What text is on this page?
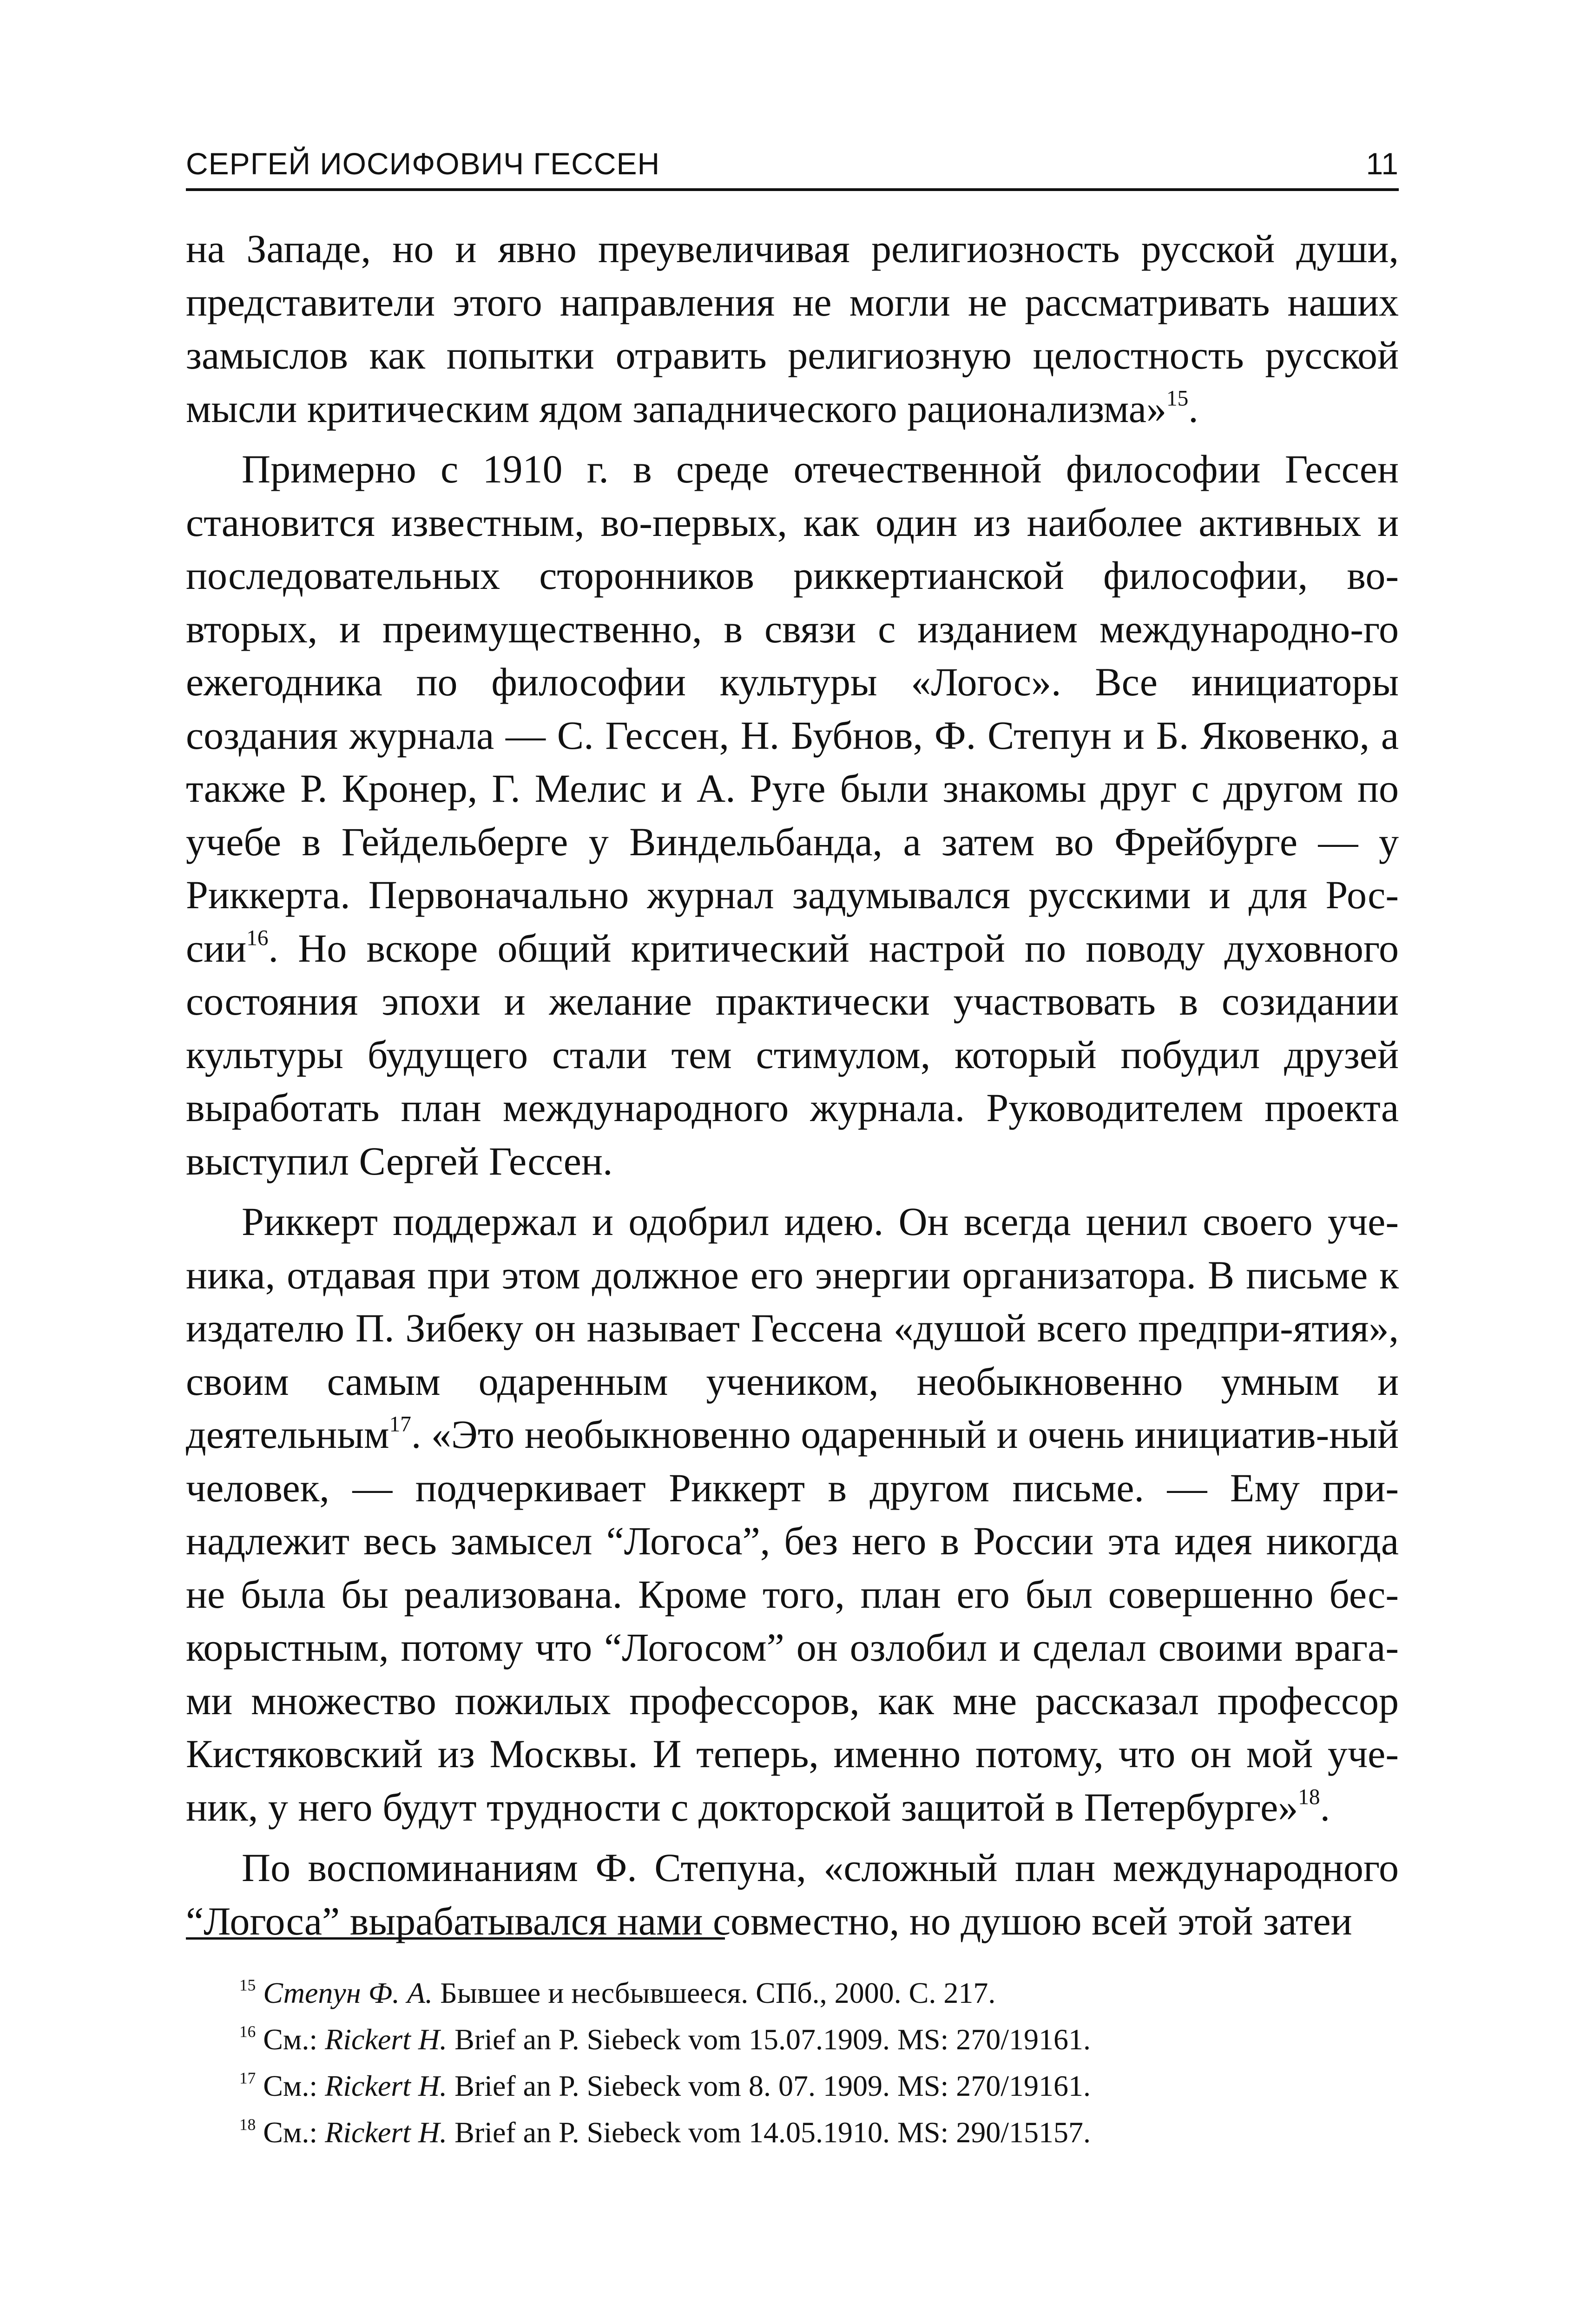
СЕРГЕЙ ИОСИФОВИЧ ГЕССЕН	11

на Западе, но и явно преувеличивая религиозность русской души, представители этого направления не могли не рассматривать наших замыслов как попытки отравить религиозную целостность русской мысли критическим ядом западнического рационализма»$^{15}$.

Примерно с 1910 г. в среде отечественной философии Гессен становится известным, во-первых, как один из наиболее активных и последовательных сторонников риккертианской философии, во-вторых, и преимущественно, в связи с изданием международно-го ежегодника по философии культуры «Логос». Все инициаторы создания журнала — С. Гессен, Н. Бубнов, Ф. Степун и Б. Яковенко, а также Р. Кронер, Г. Мелис и А. Руге были знакомы друг с другом по учебе в Гейдельберге у Виндельбанда, а затем во Фрейбурге — у Риккерта. Первоначально журнал задумывался русскими и для Рос-сии$^{16}$. Но вскоре общий критический настрой по поводу духовного состояния эпохи и желание практически участвовать в созидании культуры будущего стали тем стимулом, который побудил друзей выработать план международного журнала. Руководителем проекта выступил Сергей Гессен.

Риккерт поддержал и одобрил идею. Он всегда ценил своего уче-ника, отдавая при этом должное его энергии организатора. В письме к издателю П. Зибеку он называет Гессена «душой всего предпри-ятия», своим самым одаренным учеником, необыкновенно умным и деятельным$^{17}$. «Это необыкновенно одаренный и очень инициатив-ный человек, — подчеркивает Риккерт в другом письме. — Ему при-надлежит весь замысел “Логоса”, без него в России эта идея никогда не была бы реализована. Кроме того, план его был совершенно бес-корыстным, потому что “Логосом” он озлобил и сделал своими врага-ми множество пожилых профессоров, как мне рассказал профессор Кистяковский из Москвы. И теперь, именно потому, что он мой уче-ник, у него будут трудности с докторской защитой в Петербурге»$^{18}$.

По воспоминаниям Ф. Степуна, «сложный план международного “Логоса” вырабатывался нами совместно, но душою всей этой затеи

$^{15}$ Степун Ф. А. Бывшее и несбывшееся. СПб., 2000. С. 217.
$^{16}$ См.: Rickert H. Brief an P. Siebeck vom 15.07.1909. MS: 270/19161.
$^{17}$ См.: Rickert H. Brief an P. Siebeck vom 8. 07. 1909. MS: 270/19161.
$^{18}$ См.: Rickert H. Brief an P. Siebeck vom 14.05.1910. MS: 290/15157.
